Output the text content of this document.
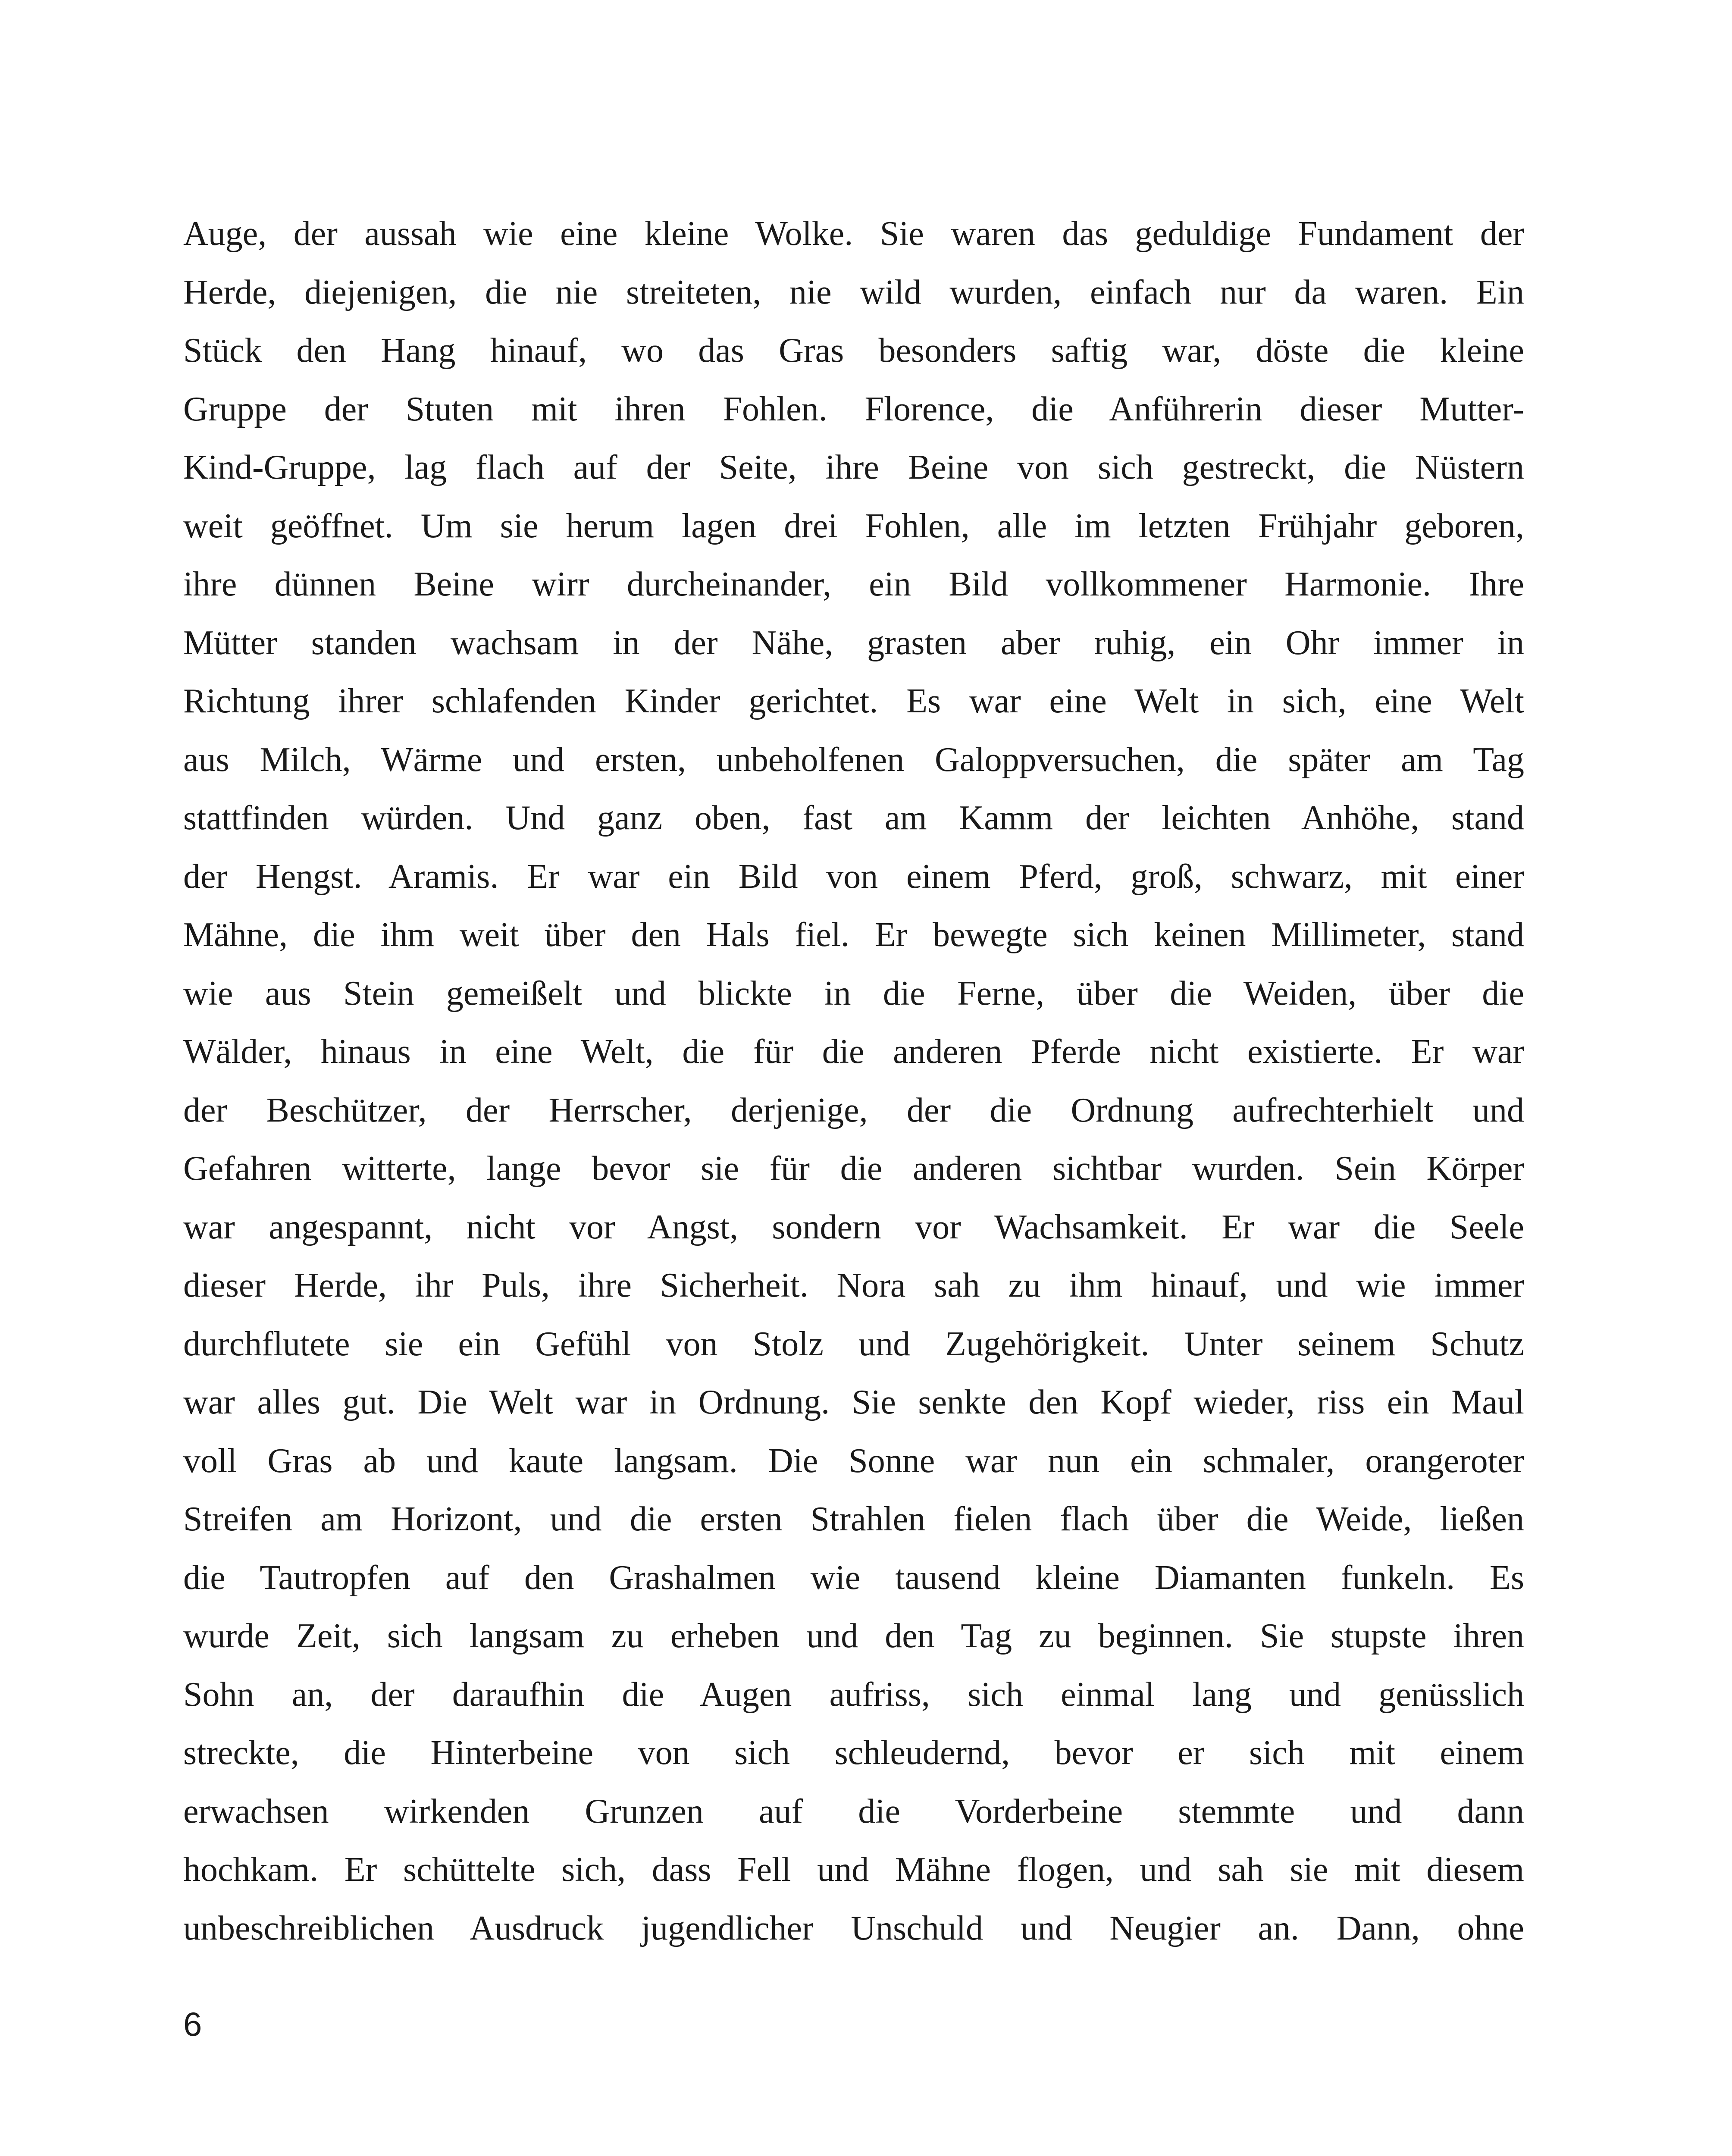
Auge, der aussah wie eine kleine Wolke. Sie waren das geduldige Fundament der
Herde, diejenigen, die nie streiteten, nie wild wurden, einfach nur da waren. Ein
Stück den Hang hinauf, wo das Gras besonders saftig war, döste die kleine
Gruppe der Stuten mit ihren Fohlen. Florence, die Anführerin dieser Mutter-
Kind-Gruppe, lag flach auf der Seite, ihre Beine von sich gestreckt, die Nüstern
weit geöffnet. Um sie herum lagen drei Fohlen, alle im letzten Frühjahr geboren,
ihre dünnen Beine wirr durcheinander, ein Bild vollkommener Harmonie. Ihre
Mütter standen wachsam in der Nähe, grasten aber ruhig, ein Ohr immer in
Richtung ihrer schlafenden Kinder gerichtet. Es war eine Welt in sich, eine Welt
aus Milch, Wärme und ersten, unbeholfenen Galoppversuchen, die später am Tag
stattfinden würden. Und ganz oben, fast am Kamm der leichten Anhöhe, stand
der Hengst. Aramis. Er war ein Bild von einem Pferd, groß, schwarz, mit einer
Mähne, die ihm weit über den Hals fiel. Er bewegte sich keinen Millimeter, stand
wie aus Stein gemeißelt und blickte in die Ferne, über die Weiden, über die
Wälder, hinaus in eine Welt, die für die anderen Pferde nicht existierte. Er war
der Beschützer, der Herrscher, derjenige, der die Ordnung aufrechterhielt und
Gefahren witterte, lange bevor sie für die anderen sichtbar wurden. Sein Körper
war angespannt, nicht vor Angst, sondern vor Wachsamkeit. Er war die Seele
dieser Herde, ihr Puls, ihre Sicherheit. Nora sah zu ihm hinauf, und wie immer
durchflutete sie ein Gefühl von Stolz und Zugehörigkeit. Unter seinem Schutz
war alles gut. Die Welt war in Ordnung. Sie senkte den Kopf wieder, riss ein Maul
voll Gras ab und kaute langsam. Die Sonne war nun ein schmaler, orangeroter
Streifen am Horizont, und die ersten Strahlen fielen flach über die Weide, ließen
die Tautropfen auf den Grashalmen wie tausend kleine Diamanten funkeln. Es
wurde Zeit, sich langsam zu erheben und den Tag zu beginnen. Sie stupste ihren
Sohn an, der daraufhin die Augen aufriss, sich einmal lang und genüsslich
streckte, die Hinterbeine von sich schleudernd, bevor er sich mit einem
erwachsen wirkenden Grunzen auf die Vorderbeine stemmte und dann
hochkam. Er schüttelte sich, dass Fell und Mähne flogen, und sah sie mit diesem
unbeschreiblichen Ausdruck jugendlicher Unschuld und Neugier an. Dann, ohne
6
